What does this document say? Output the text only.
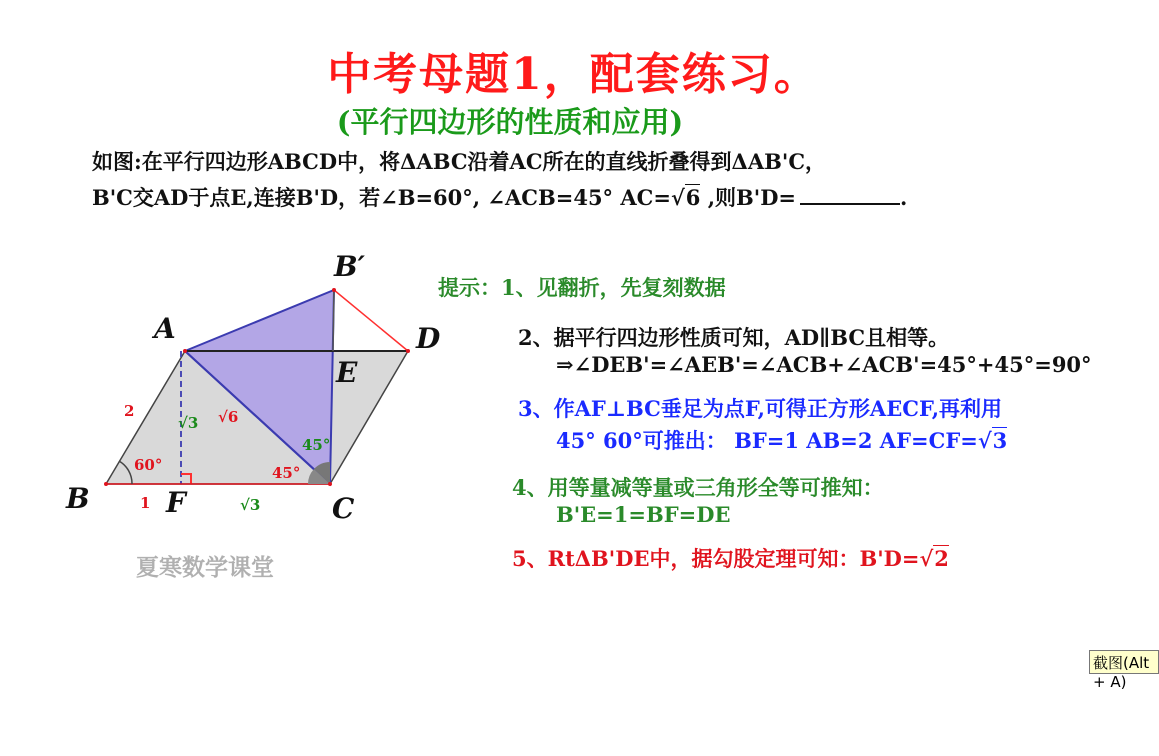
中考母题1，配套练习。
(平行四边形的性质和应用)
如图:在平行四边形ABCD中，将ΔABC沿着AC所在的直线折叠得到ΔAB'C，
B'C交AD于点E,连接B'D，若∠B=60°, ∠ACB=45° AC=√6 ,则B'D=	.
A
B	C
D
E
F
B′
2
1	√3
√3 √6
60°	45°
45°
夏寒数学课堂
提示：1、见翻折，先复刻数据
2、据平行四边形性质可知，AD∥BC且相等。
⇒∠DEB'=∠AEB'=∠ACB+∠ACB'=45°+45°=90°
3、作AF⊥BC垂足为点F,可得正方形AECF,再利用
45° 60°可推出： BF=1 AB=2 AF=CF=√3
4、用等量减等量或三角形全等可推知：
B'E=1=BF=DE
5、RtΔB'DE中，据勾股定理可知：B'D=√2
截图(Alt + A)
